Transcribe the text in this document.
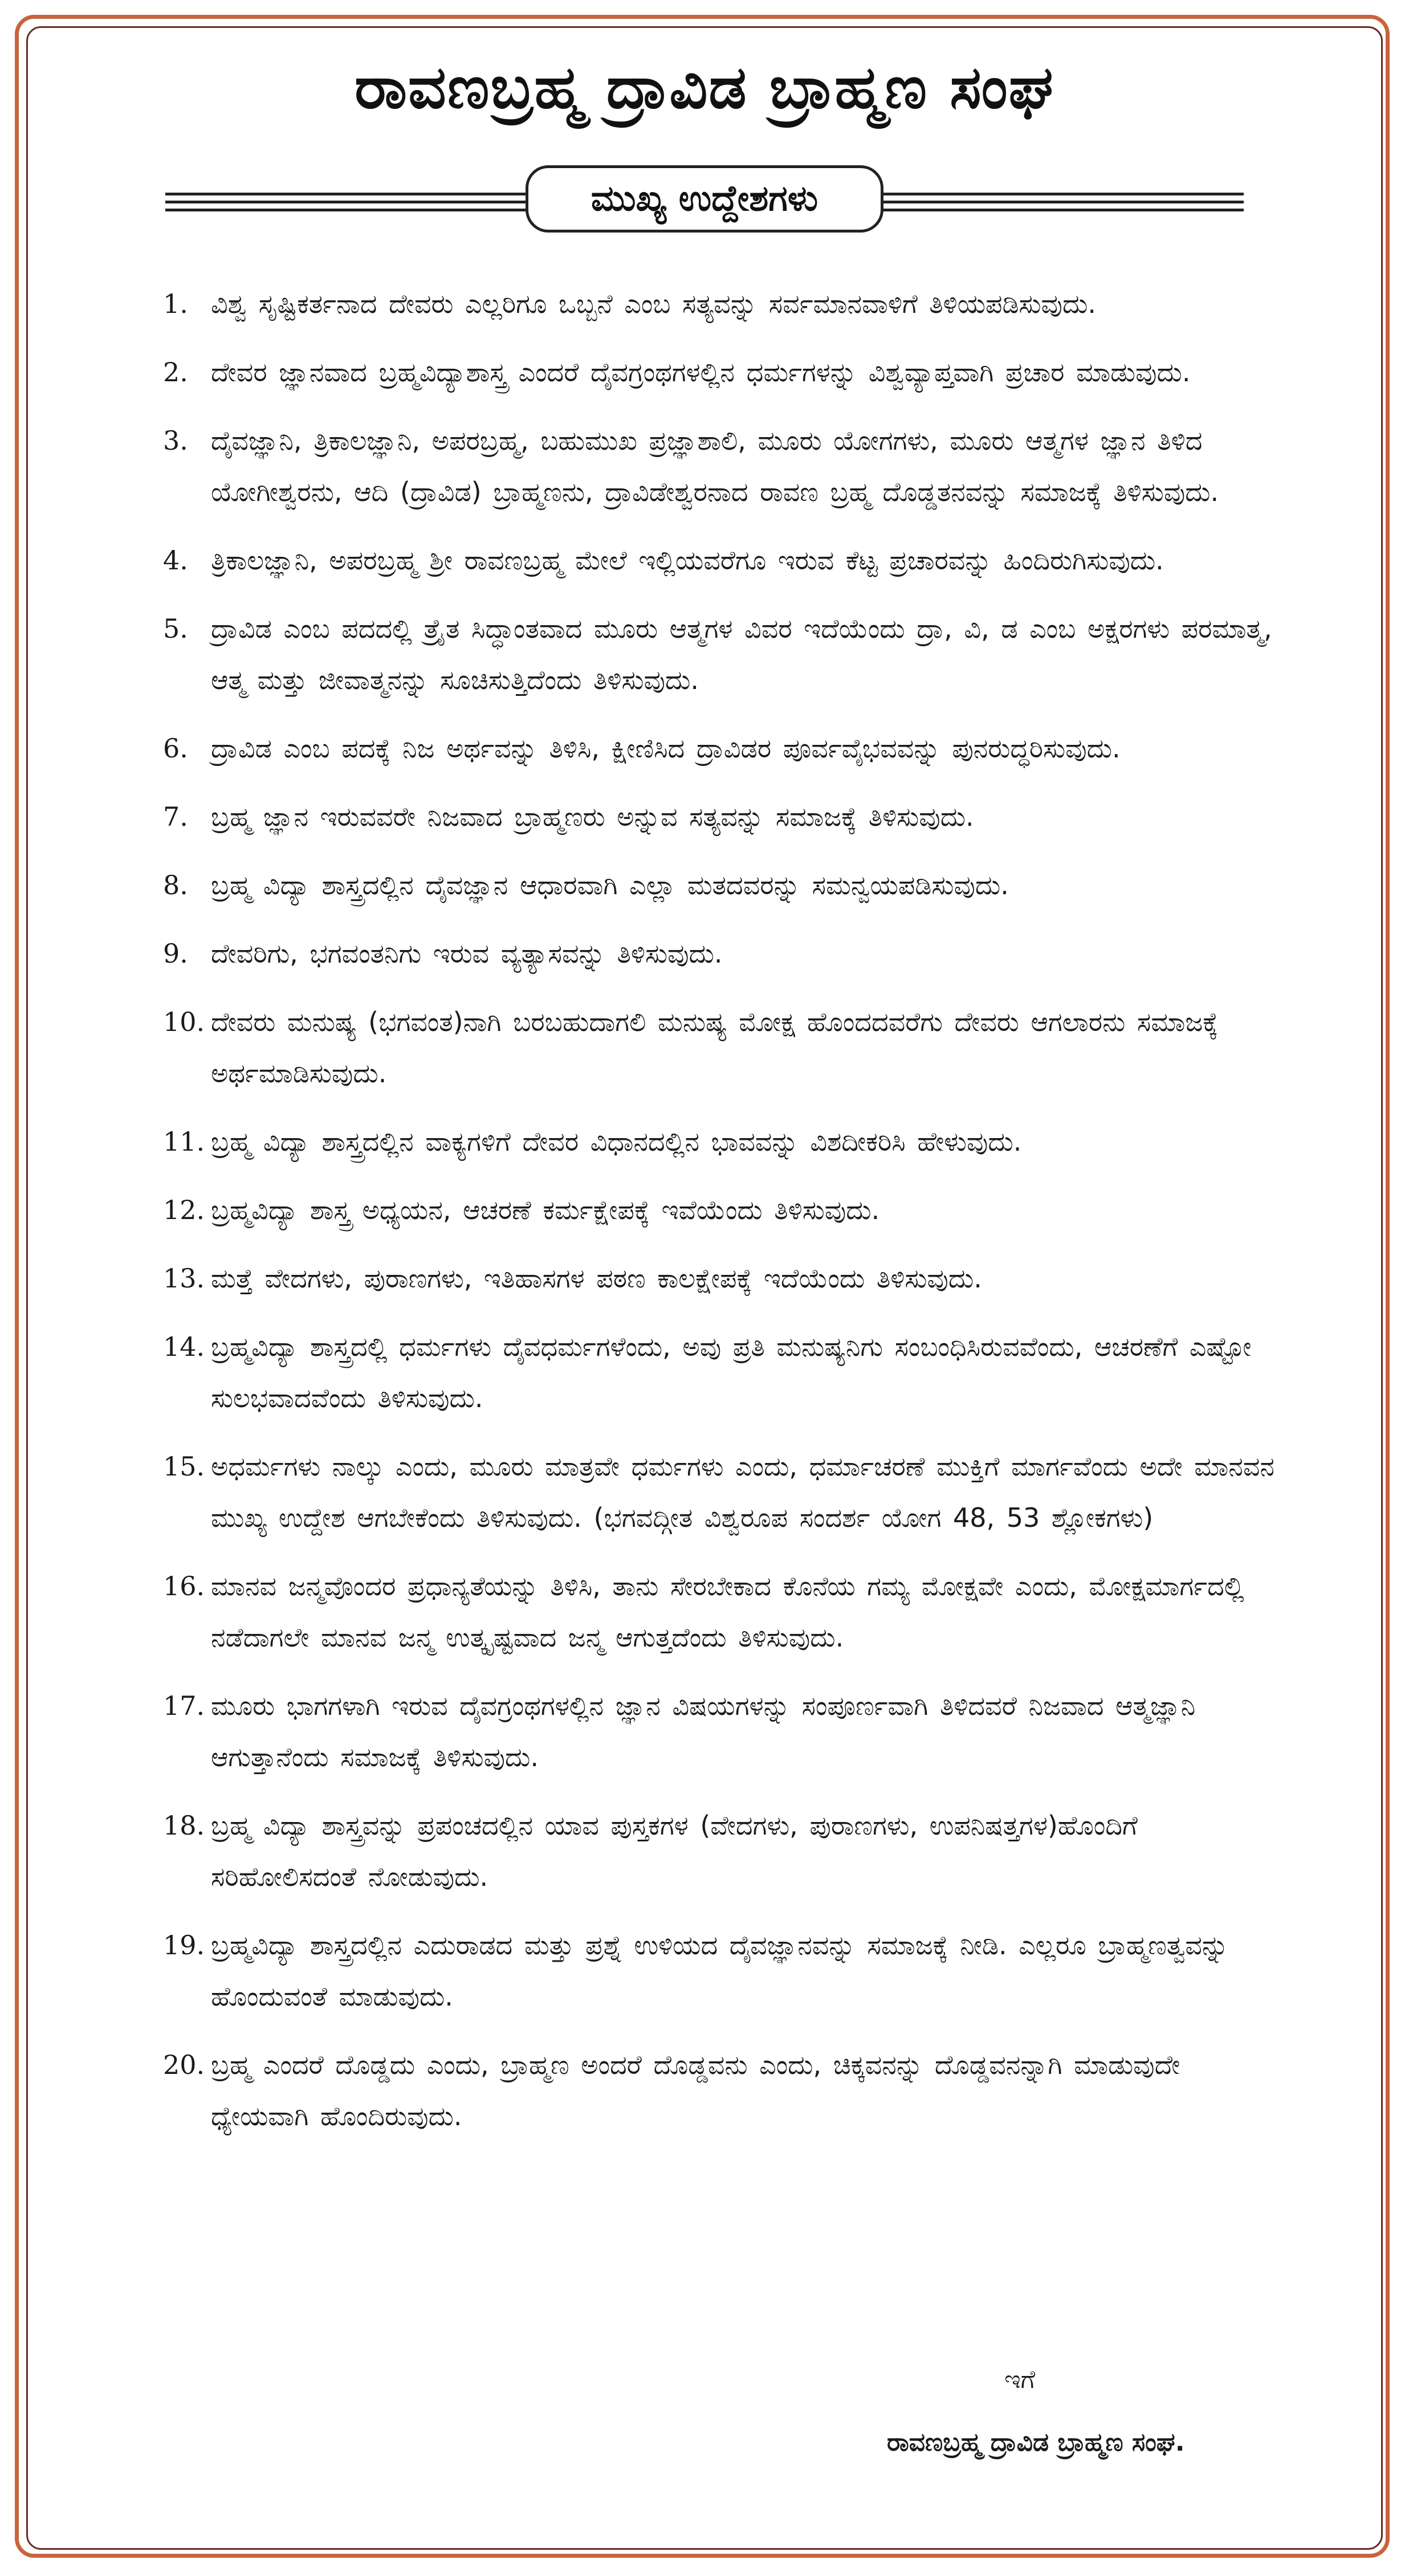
ರಾವಣಬ್ರಹ್ಮ ದ್ರಾವಿಡ ಬ್ರಾಹ್ಮಣ ಸಂಘ
ಮುಖ್ಯ ಉದ್ದೇಶಗಳು
1. ವಿಶ್ವ ಸೃಷ್ಟಿಕರ್ತನಾದ ದೇವರು ಎಲ್ಲರಿಗೂ ಒಬ್ಬನೆ ಎಂಬ ಸತ್ಯವನ್ನು ಸರ್ವಮಾನವಾಳಿಗೆ ತಿಳಿಯಪಡಿಸುವುದು.
2. ದೇವರ ಜ್ಞಾನವಾದ ಬ್ರಹ್ಮವಿದ್ಯಾಶಾಸ್ತ್ರ ಎಂದರೆ ದೈವಗ್ರಂಥಗಳಲ್ಲಿನ ಧರ್ಮಗಳನ್ನು ವಿಶ್ವವ್ಯಾಪ್ತವಾಗಿ ಪ್ರಚಾರ ಮಾಡುವುದು.
3. ದೈವಜ್ಞಾನಿ, ತ್ರಿಕಾಲಜ್ಞಾನಿ, ಅಪರಬ್ರಹ್ಮ, ಬಹುಮುಖ ಪ್ರಜ್ಞಾಶಾಲಿ, ಮೂರು ಯೋಗಗಳು, ಮೂರು ಆತ್ಮಗಳ ಜ್ಞಾನ ತಿಳಿದ ಯೋಗೀಶ್ವರನು, ಆದಿ (ದ್ರಾವಿಡ) ಬ್ರಾಹ್ಮಣನು, ದ್ರಾವಿಡೇಶ್ವರನಾದ ರಾವಣ ಬ್ರಹ್ಮ ದೊಡ್ಡತನವನ್ನು ಸಮಾಜಕ್ಕೆ ತಿಳಿಸುವುದು.
4. ತ್ರಿಕಾಲಜ್ಞಾನಿ, ಅಪರಬ್ರಹ್ಮ ಶ್ರೀ ರಾವಣಬ್ರಹ್ಮ ಮೇಲೆ ಇಲ್ಲಿಯವರೆಗೂ ಇರುವ ಕೆಟ್ಟ ಪ್ರಚಾರವನ್ನು ಹಿಂದಿರುಗಿಸುವುದು.
5. ದ್ರಾವಿಡ ಎಂಬ ಪದದಲ್ಲಿ ತ್ರೈತ ಸಿದ್ಧಾಂತವಾದ ಮೂರು ಆತ್ಮಗಳ ವಿವರ ಇದೆಯೆಂದು ದ್ರಾ, ವಿ, ಡ ಎಂಬ ಅಕ್ಷರಗಳು ಪರಮಾತ್ಮ, ಆತ್ಮ ಮತ್ತು ಜೀವಾತ್ಮನನ್ನು ಸೂಚಿಸುತ್ತಿದೆಂದು ತಿಳಿಸುವುದು.
6. ದ್ರಾವಿಡ ಎಂಬ ಪದಕ್ಕೆ ನಿಜ ಅರ್ಥವನ್ನು ತಿಳಿಸಿ, ಕ್ಷೀಣಿಸಿದ ದ್ರಾವಿಡರ ಪೂರ್ವವೈಭವವನ್ನು ಪುನರುದ್ಧರಿಸುವುದು.
7. ಬ್ರಹ್ಮ ಜ್ಞಾನ ಇರುವವರೇ ನಿಜವಾದ ಬ್ರಾಹ್ಮಣರು ಅನ್ನುವ ಸತ್ಯವನ್ನು ಸಮಾಜಕ್ಕೆ ತಿಳಿಸುವುದು.
8. ಬ್ರಹ್ಮ ವಿದ್ಯಾ ಶಾಸ್ತ್ರದಲ್ಲಿನ ದೈವಜ್ಞಾನ ಆಧಾರವಾಗಿ ಎಲ್ಲಾ ಮತದವರನ್ನು ಸಮನ್ವಯಪಡಿಸುವುದು.
9. ದೇವರಿಗು, ಭಗವಂತನಿಗು ಇರುವ ವ್ಯತ್ಯಾಸವನ್ನು ತಿಳಿಸುವುದು.
10. ದೇವರು ಮನುಷ್ಯ (ಭಗವಂತ)ನಾಗಿ ಬರಬಹುದಾಗಲಿ ಮನುಷ್ಯ ಮೋಕ್ಷ ಹೊಂದದವರೆಗು ದೇವರು ಆಗಲಾರನು ಸಮಾಜಕ್ಕೆ ಅರ್ಥಮಾಡಿಸುವುದು.
11. ಬ್ರಹ್ಮ ವಿದ್ಯಾ ಶಾಸ್ತ್ರದಲ್ಲಿನ ವಾಕ್ಯಗಳಿಗೆ ದೇವರ ವಿಧಾನದಲ್ಲಿನ ಭಾವವನ್ನು ವಿಶದೀಕರಿಸಿ ಹೇಳುವುದು.
12. ಬ್ರಹ್ಮವಿದ್ಯಾ ಶಾಸ್ತ್ರ ಅಧ್ಯಯನ, ಆಚರಣೆ ಕರ್ಮಕ್ಷೇಪಕ್ಕೆ ಇವೆಯೆಂದು ತಿಳಿಸುವುದು.
13. ಮತ್ತೆ ವೇದಗಳು, ಪುರಾಣಗಳು, ಇತಿಹಾಸಗಳ ಪಠಣ ಕಾಲಕ್ಷೇಪಕ್ಕೆ ಇದೆಯೆಂದು ತಿಳಿಸುವುದು.
14. ಬ್ರಹ್ಮವಿದ್ಯಾ ಶಾಸ್ತ್ರದಲ್ಲಿ ಧರ್ಮಗಳು ದೈವಧರ್ಮಗಳೆಂದು, ಅವು ಪ್ರತಿ ಮನುಷ್ಯನಿಗು ಸಂಬಂಧಿಸಿರುವವೆಂದು, ಆಚರಣೆಗೆ ಎಷ್ಟೋ ಸುಲಭವಾದವೆಂದು ತಿಳಿಸುವುದು.
15. ಅಧರ್ಮಗಳು ನಾಲ್ಕು ಎಂದು, ಮೂರು ಮಾತ್ರವೇ ಧರ್ಮಗಳು ಎಂದು, ಧರ್ಮಾಚರಣೆ ಮುಕ್ತಿಗೆ ಮಾರ್ಗವೆಂದು ಅದೇ ಮಾನವನ ಮುಖ್ಯ ಉದ್ದೇಶ ಆಗಬೇಕೆಂದು ತಿಳಿಸುವುದು. (ಭಗವದ್ಗೀತ ವಿಶ್ವರೂಪ ಸಂದರ್ಶ ಯೋಗ 48, 53 ಶ್ಲೋಕಗಳು)
16. ಮಾನವ ಜನ್ಮವೊಂದರ ಪ್ರಧಾನ್ಯತೆಯನ್ನು ತಿಳಿಸಿ, ತಾನು ಸೇರಬೇಕಾದ ಕೊನೆಯ ಗಮ್ಯ ಮೋಕ್ಷವೇ ಎಂದು, ಮೋಕ್ಷಮಾರ್ಗದಲ್ಲಿ ನಡೆದಾಗಲೇ ಮಾನವ ಜನ್ಮ ಉತ್ಕೃಷ್ಟವಾದ ಜನ್ಮ ಆಗುತ್ತದೆಂದು ತಿಳಿಸುವುದು.
17. ಮೂರು ಭಾಗಗಳಾಗಿ ಇರುವ ದೈವಗ್ರಂಥಗಳಲ್ಲಿನ ಜ್ಞಾನ ವಿಷಯಗಳನ್ನು ಸಂಪೂರ್ಣವಾಗಿ ತಿಳಿದವರೆ ನಿಜವಾದ ಆತ್ಮಜ್ಞಾನಿ ಆಗುತ್ತಾನೆಂದು ಸಮಾಜಕ್ಕೆ ತಿಳಿಸುವುದು.
18. ಬ್ರಹ್ಮ ವಿದ್ಯಾ ಶಾಸ್ತ್ರವನ್ನು ಪ್ರಪಂಚದಲ್ಲಿನ ಯಾವ ಪುಸ್ತಕಗಳ (ವೇದಗಳು, ಪುರಾಣಗಳು, ಉಪನಿಷತ್ತಗಳ)ಹೊಂದಿಗೆ ಸರಿಹೋಲಿಸದಂತೆ ನೋಡುವುದು.
19. ಬ್ರಹ್ಮವಿದ್ಯಾ ಶಾಸ್ತ್ರದಲ್ಲಿನ ಎದುರಾಡದ ಮತ್ತು ಪ್ರಶ್ನೆ ಉಳಿಯದ ದೈವಜ್ಞಾನವನ್ನು ಸಮಾಜಕ್ಕೆ ನೀಡಿ. ಎಲ್ಲರೂ ಬ್ರಾಹ್ಮಣತ್ವವನ್ನು ಹೊಂದುವಂತೆ ಮಾಡುವುದು.
20. ಬ್ರಹ್ಮ ಎಂದರೆ ದೊಡ್ಡದು ಎಂದು, ಬ್ರಾಹ್ಮಣ ಅಂದರೆ ದೊಡ್ಡವನು ಎಂದು, ಚಿಕ್ಕವನನ್ನು ದೊಡ್ಡವನನ್ನಾಗಿ ಮಾಡುವುದೇ ಧ್ಯೇಯವಾಗಿ ಹೊಂದಿರುವುದು.
ಇಗೆ
ರಾವಣಬ್ರಹ್ಮ ದ್ರಾವಿಡ ಬ್ರಾಹ್ಮಣ ಸಂಘ.
